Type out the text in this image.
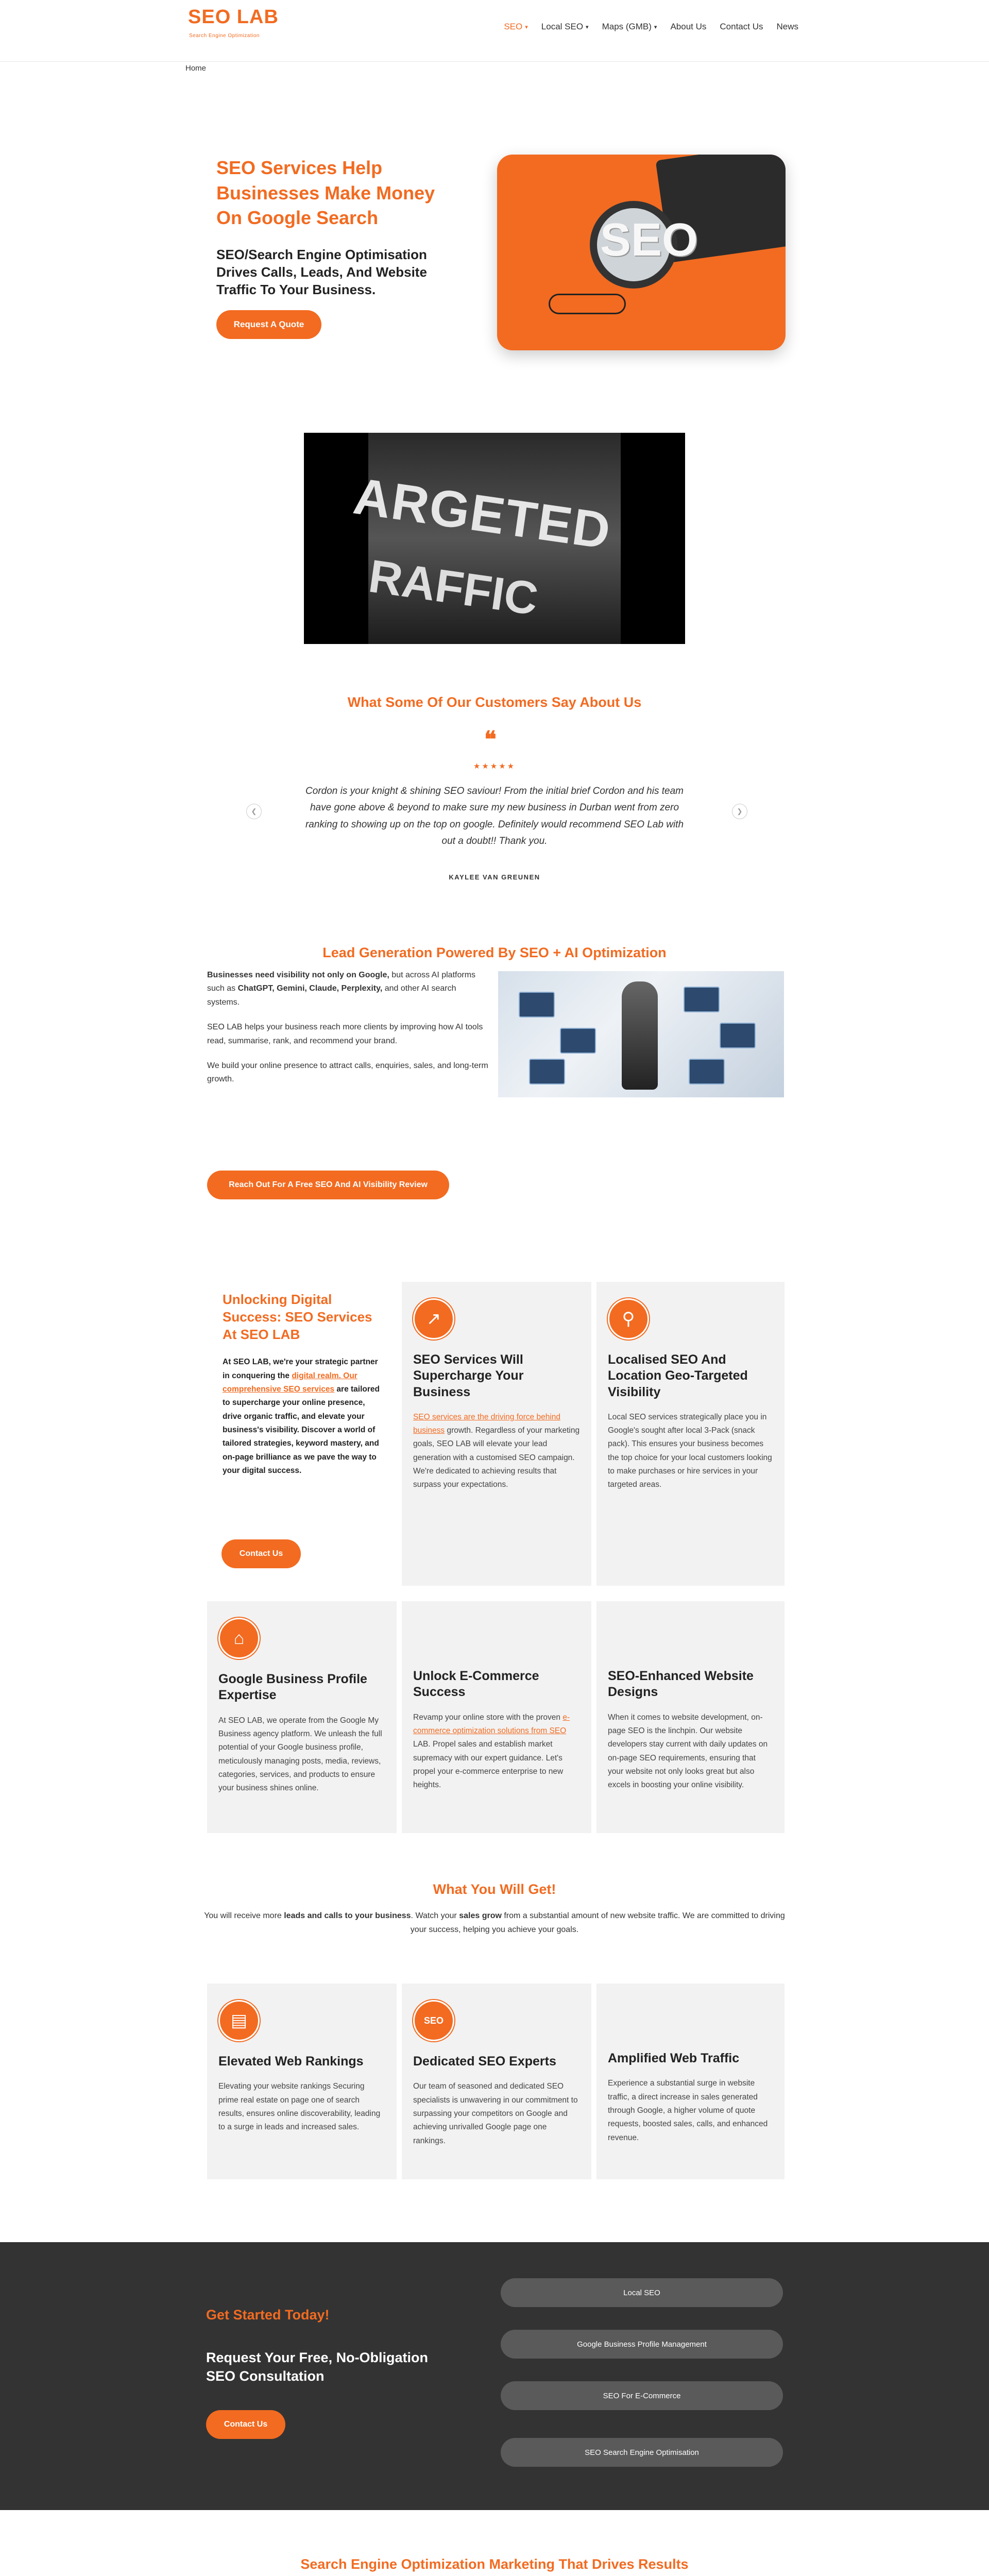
SEO LAB
Search Engine Optimization
SEO ▾ Local SEO ▾ Maps (GMB) ▾ About Us Contact Us News
Home
SEO Services Help Businesses Make Money On Google Search
SEO/Search Engine Optimisation Drives Calls, Leads, And Website Traffic To Your Business.
Request A Quote
SEO
ARGETED
RAFFIC
What Some Of Our Customers Say About Us
❝
★★★★★
Cordon is your knight & shining SEO saviour! From the initial brief Cordon and his team have gone above & beyond to make sure my new business in Durban went from zero ranking to showing up on the top on google. Definitely would recommend SEO Lab with out a doubt!! Thank you.
KAYLEE VAN GREUNEN
❮	❯
Lead Generation Powered By SEO + AI Optimization

Businesses need visibility not only on Google, but across AI platforms such as ChatGPT, Gemini, Claude, Perplexity, and other AI search systems.

SEO LAB helps your business reach more clients by improving how AI tools read, summarise, rank, and recommend your brand.

We build your online presence to attract calls, enquiries, sales, and long-term growth.

Reach Out For A Free SEO And AI Visibility Review
Unlocking Digital Success: SEO Services At SEO LAB

At SEO LAB, we're your strategic partner in conquering the digital realm. Our comprehensive SEO services are tailored to supercharge your online presence, drive organic traffic, and elevate your business's visibility. Discover a world of tailored strategies, keyword mastery, and on-page brilliance as we pave the way to your digital success.

Contact Us
↗
SEO Services Will Supercharge Your Business

SEO services are the driving force behind business growth. Regardless of your marketing goals, SEO LAB will elevate your lead generation with a customised SEO campaign. We're dedicated to achieving results that surpass your expectations.

⚲
Localised SEO And Location Geo-Targeted Visibility

Local SEO services strategically place you in Google's sought after local 3-Pack (snack pack). This ensures your business becomes the top choice for your local customers looking to make purchases or hire services in your targeted areas.

⌂
Google Business Profile Expertise

At SEO LAB, we operate from the Google My Business agency platform. We unleash the full potential of your Google business profile, meticulously managing posts, media, reviews, categories, services, and products to ensure your business shines online.

Unlock E-Commerce Success

Revamp your online store with the proven e-commerce optimization solutions from SEO LAB. Propel sales and establish market supremacy with our expert guidance. Let's propel your e-commerce enterprise to new heights.

SEO-Enhanced Website Designs

When it comes to website development, on-page SEO is the linchpin. Our website developers stay current with daily updates on on-page SEO requirements, ensuring that your website not only looks great but also excels in boosting your online visibility.

What You Will Get!
You will receive more leads and calls to your business. Watch your sales grow from a substantial amount of new website traffic. We are committed to driving your success, helping you achieve your goals.
▤
Elevated Web Rankings

Elevating your website rankings Securing prime real estate on page one of search results, ensures online discoverability, leading to a surge in leads and increased sales.

SEO
Dedicated SEO Experts

Our team of seasoned and dedicated SEO specialists is unwavering in our commitment to surpassing your competitors on Google and achieving unrivalled Google page one rankings.

Amplified Web Traffic

Experience a substantial surge in website traffic, a direct increase in sales generated through Google, a higher volume of quote requests, boosted sales, calls, and enhanced revenue.

Get Started Today!
Request Your Free, No-Obligation SEO Consultation
Contact Us
Local SEO
Google Business Profile Management
SEO For E-Commerce
SEO Search Engine Optimisation
Search Engine Optimization Marketing That Drives Results
